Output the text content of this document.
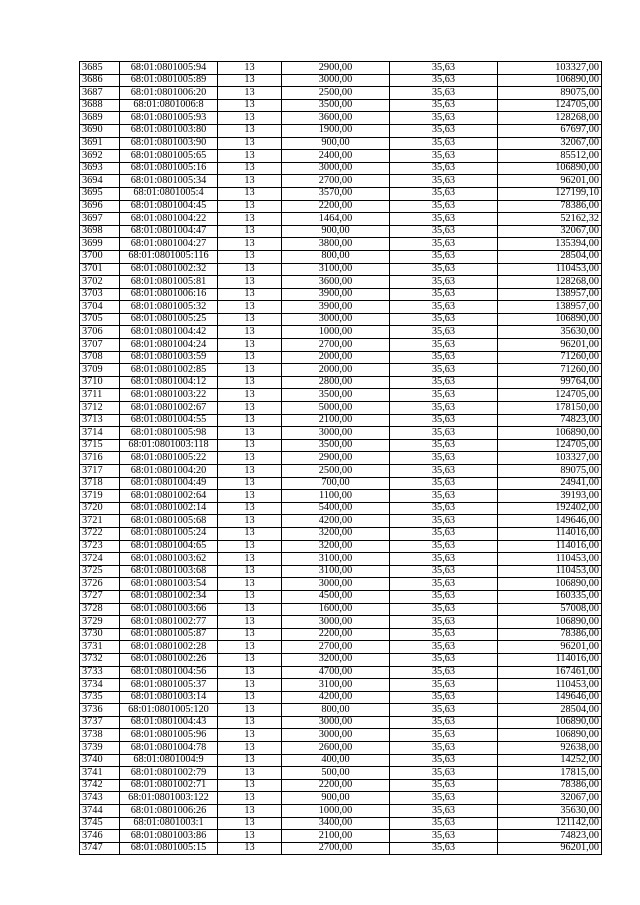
3685	68:01:0801005:94	13	2900,00	35,63	103327,00
3686	68:01:0801005:89	13	3000,00	35,63	106890,00
3687	68:01:0801006:20	13	2500,00	35,63	89075,00
3688	68:01:0801006:8	13	3500,00	35,63	124705,00
3689	68:01:0801005:93	13	3600,00	35,63	128268,00
3690	68:01:0801003:80	13	1900,00	35,63	67697,00
3691	68:01:0801003:90	13	900,00	35,63	32067,00
3692	68:01:0801005:65	13	2400,00	35,63	85512,00
3693	68:01:0801005:16	13	3000,00	35,63	106890,00
3694	68:01:0801005:34	13	2700,00	35,63	96201,00
3695	68:01:0801005:4	13	3570,00	35,63	127199,10
3696	68:01:0801004:45	13	2200,00	35,63	78386,00
3697	68:01:0801004:22	13	1464,00	35,63	52162,32
3698	68:01:0801004:47	13	900,00	35,63	32067,00
3699	68:01:0801004:27	13	3800,00	35,63	135394,00
3700	68:01:0801005:116	13	800,00	35,63	28504,00
3701	68:01:0801002:32	13	3100,00	35,63	110453,00
3702	68:01:0801005:81	13	3600,00	35,63	128268,00
3703	68:01:0801006:16	13	3900,00	35,63	138957,00
3704	68:01:0801005:32	13	3900,00	35,63	138957,00
3705	68:01:0801005:25	13	3000,00	35,63	106890,00
3706	68:01:0801004:42	13	1000,00	35,63	35630,00
3707	68:01:0801004:24	13	2700,00	35,63	96201,00
3708	68:01:0801003:59	13	2000,00	35,63	71260,00
3709	68:01:0801002:85	13	2000,00	35,63	71260,00
3710	68:01:0801004:12	13	2800,00	35,63	99764,00
3711	68:01:0801003:22	13	3500,00	35,63	124705,00
3712	68:01:0801002:67	13	5000,00	35,63	178150,00
3713	68:01:0801004:55	13	2100,00	35,63	74823,00
3714	68:01:0801005:98	13	3000,00	35,63	106890,00
3715	68:01:0801003:118	13	3500,00	35,63	124705,00
3716	68:01:0801005:22	13	2900,00	35,63	103327,00
3717	68:01:0801004:20	13	2500,00	35,63	89075,00
3718	68:01:0801004:49	13	700,00	35,63	24941,00
3719	68:01:0801002:64	13	1100,00	35,63	39193,00
3720	68:01:0801002:14	13	5400,00	35,63	192402,00
3721	68:01:0801005:68	13	4200,00	35,63	149646,00
3722	68:01:0801005:24	13	3200,00	35,63	114016,00
3723	68:01:0801004:65	13	3200,00	35,63	114016,00
3724	68:01:0801003:62	13	3100,00	35,63	110453,00
3725	68:01:0801003:68	13	3100,00	35,63	110453,00
3726	68:01:0801003:54	13	3000,00	35,63	106890,00
3727	68:01:0801002:34	13	4500,00	35,63	160335,00
3728	68:01:0801003:66	13	1600,00	35,63	57008,00
3729	68:01:0801002:77	13	3000,00	35,63	106890,00
3730	68:01:0801005:87	13	2200,00	35,63	78386,00
3731	68:01:0801002:28	13	2700,00	35,63	96201,00
3732	68:01:0801002:26	13	3200,00	35,63	114016,00
3733	68:01:0801004:56	13	4700,00	35,63	167461,00
3734	68:01:0801005:37	13	3100,00	35,63	110453,00
3735	68:01:0801003:14	13	4200,00	35,63	149646,00
3736	68:01:0801005:120	13	800,00	35,63	28504,00
3737	68:01:0801004:43	13	3000,00	35,63	106890,00
3738	68:01:0801005:96	13	3000,00	35,63	106890,00
3739	68:01:0801004:78	13	2600,00	35,63	92638,00
3740	68:01:0801004:9	13	400,00	35,63	14252,00
3741	68:01:0801002:79	13	500,00	35,63	17815,00
3742	68:01:0801002:71	13	2200,00	35,63	78386,00
3743	68:01:0801003:122	13	900,00	35,63	32067,00
3744	68:01:0801006:26	13	1000,00	35,63	35630,00
3745	68:01:0801003:1	13	3400,00	35,63	121142,00
3746	68:01:0801003:86	13	2100,00	35,63	74823,00
3747	68:01:0801005:15	13	2700,00	35,63	96201,00
